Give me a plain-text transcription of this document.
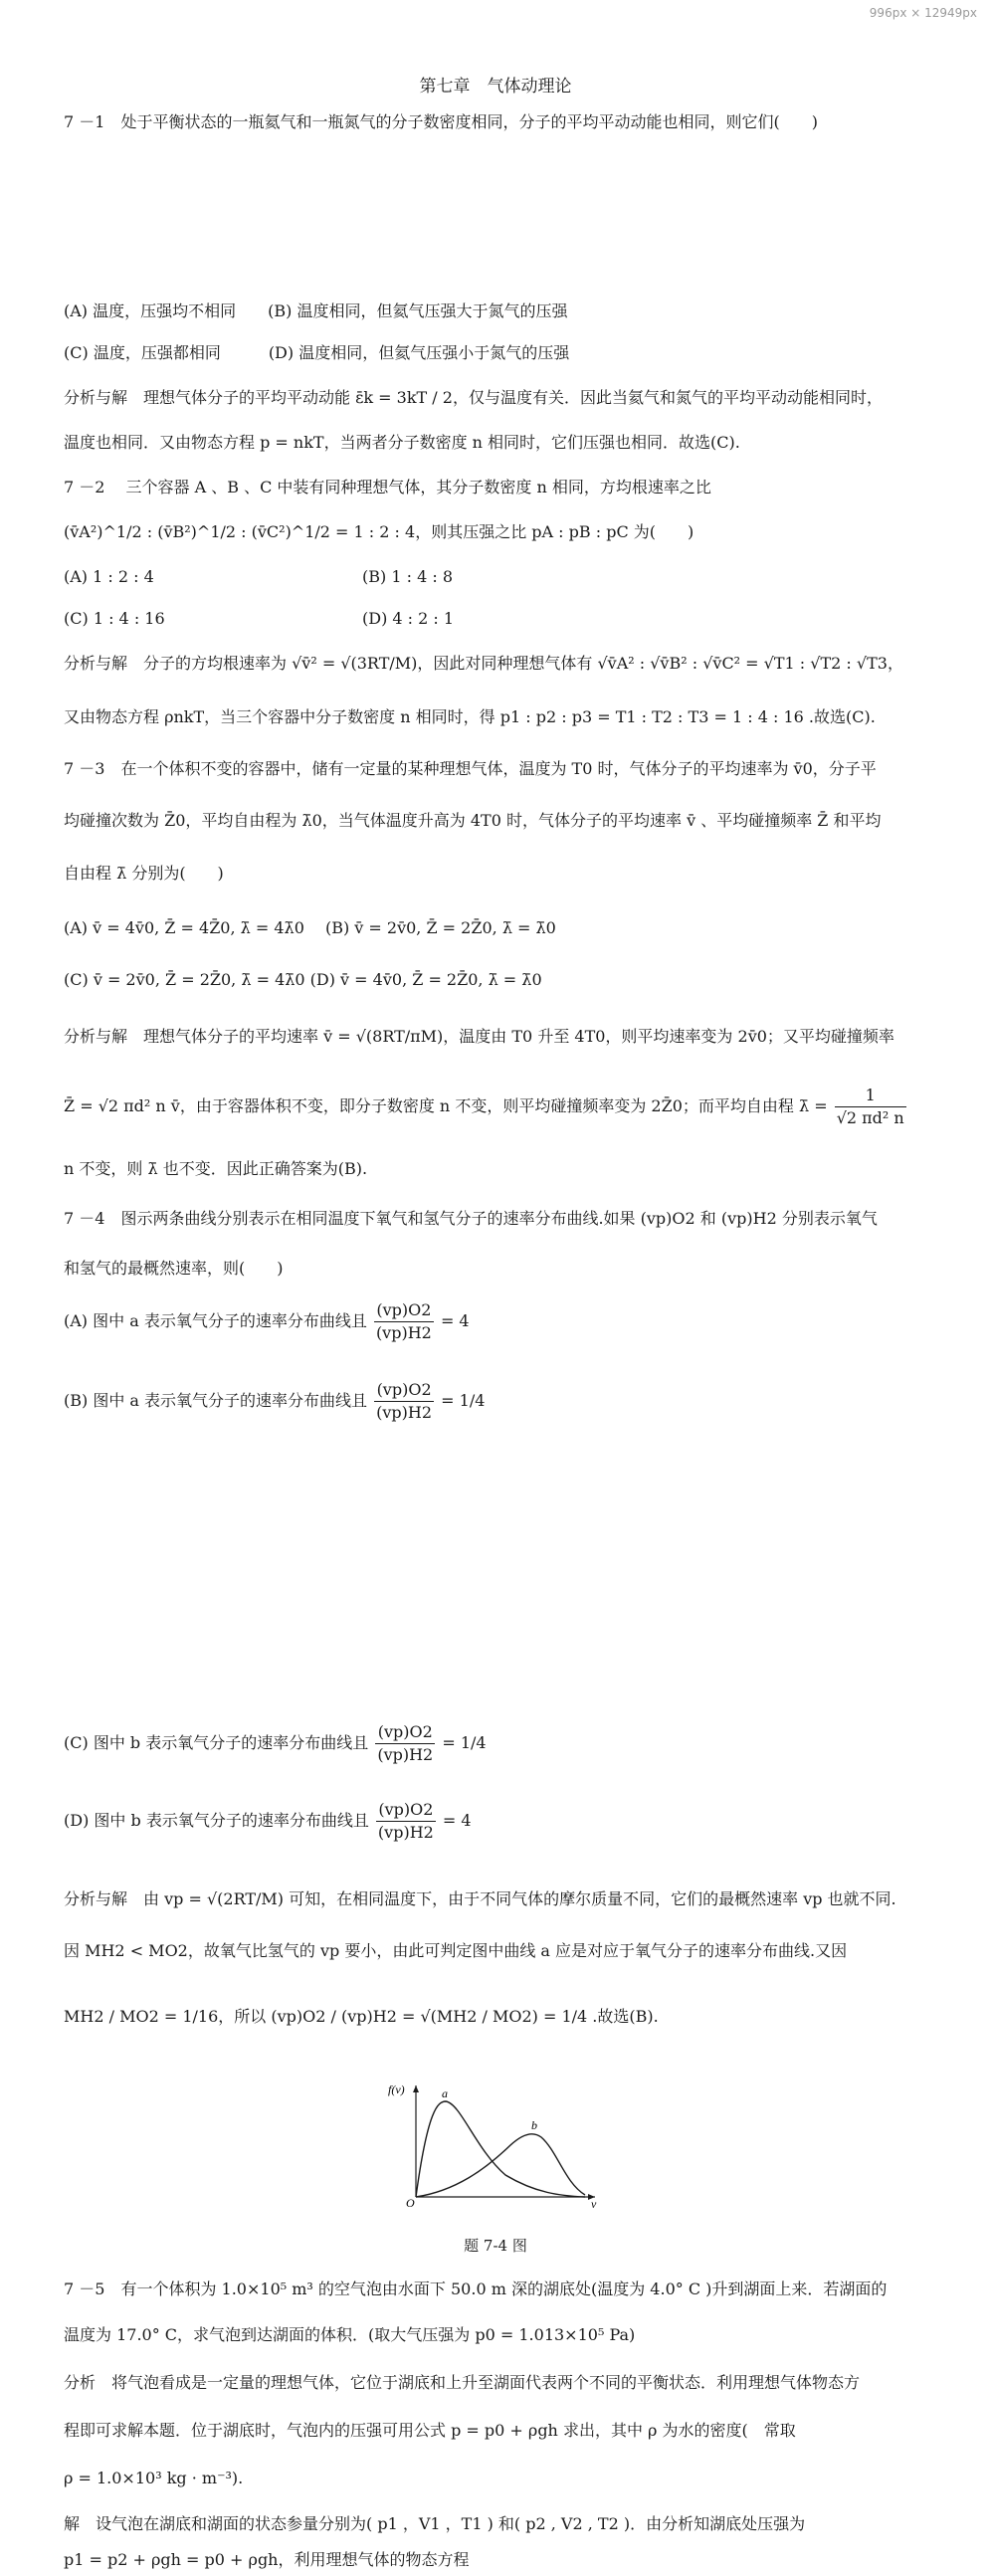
996px × 12949px
第七章　气体动理论
7 －1　处于平衡状态的一瓶氦气和一瓶氮气的分子数密度相同，分子的平均平动动能也相同，则它们(　　)
(A) 温度，压强均不相同　　(B) 温度相同，但氦气压强大于氮气的压强
(C) 温度，压强都相同　　　(D) 温度相同，但氦气压强小于氮气的压强
分析与解　理想气体分子的平均平动动能 ε̄k = 3kT / 2，仅与温度有关．因此当氦气和氮气的平均平动动能相同时，
温度也相同．又由物态方程 p = nkT，当两者分子数密度 n 相同时，它们压强也相同．故选(C).
7 －2　 三个容器 A 、B 、C 中装有同种理想气体，其分子数密度 n 相同，方均根速率之比
(v̄A²)^1/2 : (v̄B²)^1/2 : (v̄C²)^1/2 = 1 : 2 : 4，则其压强之比 pA : pB : pC 为(　　)
(A) 1 : 2 : 4	(B) 1 : 4 : 8
(C) 1 : 4 : 16	(D) 4 : 2 : 1
分析与解　分子的方均根速率为 √v̄² = √(3RT/M)，因此对同种理想气体有 √v̄A² : √v̄B² : √v̄C² = √T1 : √T2 : √T3，
又由物态方程 ρnkT，当三个容器中分子数密度 n 相同时，得 p1 : p2 : p3 = T1 : T2 : T3 = 1 : 4 : 16 .故选(C).
7 －3　在一个体积不变的容器中，储有一定量的某种理想气体，温度为 T0 时，气体分子的平均速率为 v̄0，分子平
均碰撞次数为 Z̄0，平均自由程为 λ̄0，当气体温度升高为 4T0 时，气体分子的平均速率 v̄ 、平均碰撞频率 Z̄ 和平均
自由程 λ̄ 分别为(　　)
(A) v̄ = 4v̄0, Z̄ = 4Z̄0, λ̄ = 4λ̄0　 (B) v̄ = 2v̄0, Z̄ = 2Z̄0, λ̄ = λ̄0
(C) v̄ = 2v̄0, Z̄ = 2Z̄0, λ̄ = 4λ̄0 (D) v̄ = 4v̄0, Z̄ = 2Z̄0, λ̄ = λ̄0
分析与解　理想气体分子的平均速率 v̄ = √(8RT/πM)，温度由 T0 升至 4T0，则平均速率变为 2v̄0；又平均碰撞频率
Z̄ = √2 πd² n v̄，由于容器体积不变，即分子数密度 n 不变，则平均碰撞频率变为 2Z̄0；而平均自由程 λ̄ = $\frac{1}{\text{√2 πd² n}}$
n 不变，则 λ̄ 也不变．因此正确答案为(B).
7 －4　图示两条曲线分别表示在相同温度下氧气和氢气分子的速率分布曲线.如果 (vp)O2 和 (vp)H2 分别表示氧气
和氢气的最概然速率，则(　　)
(A) 图中 a 表示氧气分子的速率分布曲线且 $\frac{(vp)O2}{(vp)H2} = 4$
(B) 图中 a 表示氧气分子的速率分布曲线且 $\frac{(vp)O2}{(vp)H2} = 1/4$
(C) 图中 b 表示氧气分子的速率分布曲线且 $\frac{(vp)O2}{(vp)H2} = 1/4$
(D) 图中 b 表示氧气分子的速率分布曲线且 $\frac{(vp)O2}{(vp)H2} = 4$
分析与解　由 vp = √(2RT/M) 可知，在相同温度下，由于不同气体的摩尔质量不同，它们的最概然速率 vp 也就不同.
因 MH2 < MO2，故氧气比氢气的 vp 要小，由此可判定图中曲线 a 应是对应于氧气分子的速率分布曲线.又因
MH2 / MO2 = 1/16，所以 (vp)O2 / (vp)H2 = √(MH2 / MO2) = 1/4 .故选(B).
f(v)
v
O
a
b
题 7-4 图
7 －5　有一个体积为 1.0×10⁵ m³ 的空气泡由水面下 50.0 m 深的湖底处(温度为 4.0° C )升到湖面上来．若湖面的
温度为 17.0° C，求气泡到达湖面的体积．(取大气压强为 p0 = 1.013×10⁵ Pa)
分析　将气泡看成是一定量的理想气体，它位于湖底和上升至湖面代表两个不同的平衡状态．利用理想气体物态方
程即可求解本题．位于湖底时，气泡内的压强可用公式 p = p0 + ρgh 求出，其中 ρ 为水的密度(　常取
ρ = 1.0×10³ kg · m⁻³).
解　设气泡在湖底和湖面的状态参量分别为( p1 ，V1 ，T1 ) 和( p2 , V2 , T2 )．由分析知湖底处压强为
p1 = p2 + ρgh = p0 + ρgh，利用理想气体的物态方程
